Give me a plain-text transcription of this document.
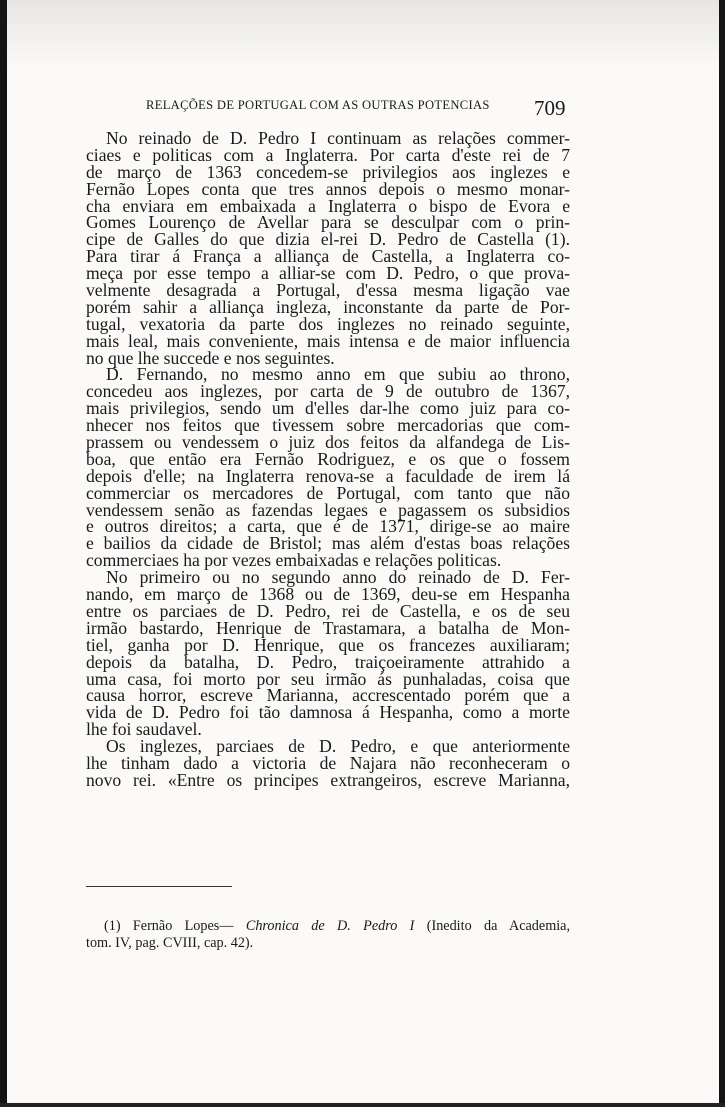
RELAÇÕES DE PORTUGAL COM AS OUTRAS POTENCIAS 709
No reinado de D. Pedro I continuam as relações commer-
ciaes e politicas com a Inglaterra. Por carta d'este rei de 7
de março de 1363 concedem-se privilegios aos inglezes e
Fernão Lopes conta que tres annos depois o mesmo monar-
cha enviara em embaixada a Inglaterra o bispo de Evora e
Gomes Lourenço de Avellar para se desculpar com o prin-
cipe de Galles do que dizia el-rei D. Pedro de Castella (1).
Para tirar á França a alliança de Castella, a Inglaterra co-
meça por esse tempo a alliar-se com D. Pedro, o que prova-
velmente desagrada a Portugal, d'essa mesma ligação vae
porém sahir a alliança ingleza, inconstante da parte de Por-
tugal, vexatoria da parte dos inglezes no reinado seguinte,
mais leal, mais conveniente, mais intensa e de maior influencia
no que lhe succede e nos seguintes.
D. Fernando, no mesmo anno em que subiu ao throno,
concedeu aos inglezes, por carta de 9 de outubro de 1367,
mais privilegios, sendo um d'elles dar-lhe como juiz para co-
nhecer nos feitos que tivessem sobre mercadorias que com-
prassem ou vendessem o juiz dos feitos da alfandega de Lis-
boa, que então era Fernão Rodriguez, e os que o fossem
depois d'elle; na Inglaterra renova-se a faculdade de irem lá
commerciar os mercadores de Portugal, com tanto que não
vendessem senão as fazendas legaes e pagassem os subsidios
e outros direitos; a carta, que é de 1371, dirige-se ao maire
e bailios da cidade de Bristol; mas além d'estas boas relações
commerciaes ha por vezes embaixadas e relações politicas.
No primeiro ou no segundo anno do reinado de D. Fer-
nando, em março de 1368 ou de 1369, deu-se em Hespanha
entre os parciaes de D. Pedro, rei de Castella, e os de seu
irmão bastardo, Henrique de Trastamara, a batalha de Mon-
tiel, ganha por D. Henrique, que os francezes auxiliaram;
depois da batalha, D. Pedro, traiçoeiramente attrahido a
uma casa, foi morto por seu irmão ás punhaladas, coisa que
causa horror, escreve Marianna, accrescentado porém que a
vida de D. Pedro foi tão damnosa á Hespanha, como a morte
lhe foi saudavel.
Os inglezes, parciaes de D. Pedro, e que anteriormente
lhe tinham dado a victoria de Najara não reconheceram o
novo rei. «Entre os principes extrangeiros, escreve Marianna,
(1) Fernão Lopes— Chronica de D. Pedro I (Inedito da Academia,
tom. IV, pag. CVIII, cap. 42).
